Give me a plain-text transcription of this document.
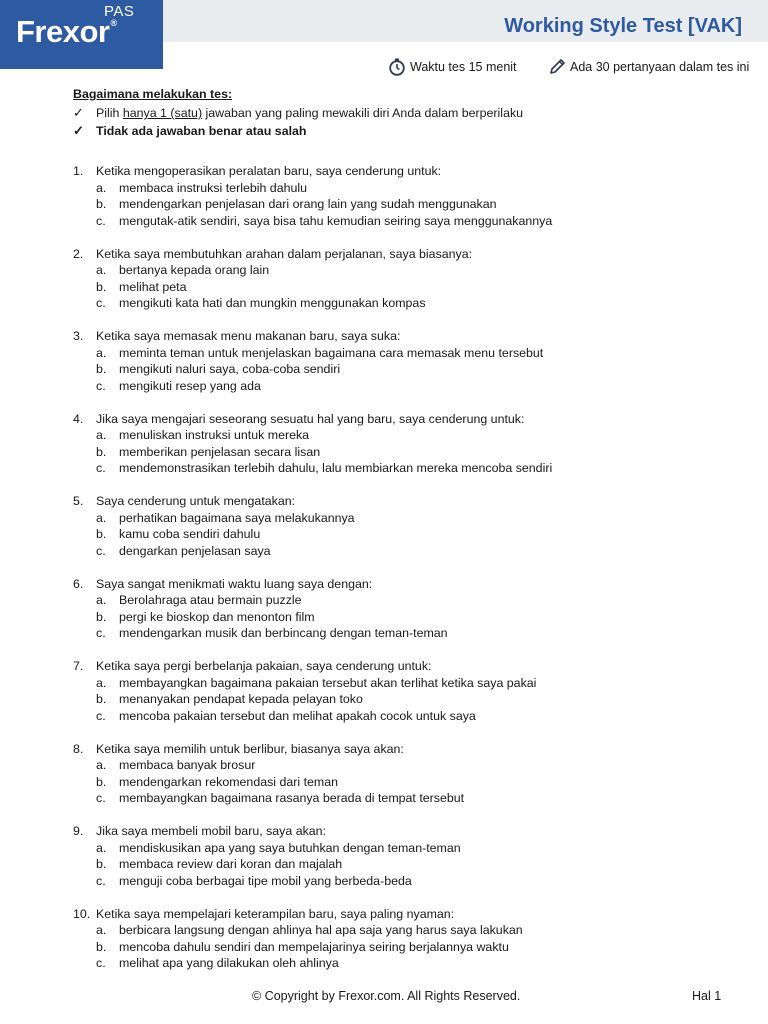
PAS
Frexor®	Working Style Test [VAK]
Waktu tes 15 menit	Ada 30 pertanyaan dalam tes ini
Bagaimana melakukan tes:
✓ Pilih hanya 1 (satu) jawaban yang paling mewakili diri Anda dalam berperilaku
✓ Tidak ada jawaban benar atau salah
1.	Ketika mengoperasikan peralatan baru, saya cenderung untuk:
a.	membaca instruksi terlebih dahulu
b.	mendengarkan penjelasan dari orang lain yang sudah menggunakan
c.	mengutak-atik sendiri, saya bisa tahu kemudian seiring saya menggunakannya
2.	Ketika saya membutuhkan arahan dalam perjalanan, saya biasanya:
a.	bertanya kepada orang lain
b.	melihat peta
c.	mengikuti kata hati dan mungkin menggunakan kompas
3.	Ketika saya memasak menu makanan baru, saya suka:
a.	meminta teman untuk menjelaskan bagaimana cara memasak menu tersebut
b.	mengikuti naluri saya, coba-coba sendiri
c.	mengikuti resep yang ada
4.	Jika saya mengajari seseorang sesuatu hal yang baru, saya cenderung untuk:
a.	menuliskan instruksi untuk mereka
b.	memberikan penjelasan secara lisan
c.	mendemonstrasikan terlebih dahulu, lalu membiarkan mereka mencoba sendiri
5.	Saya cenderung untuk mengatakan:
a.	perhatikan bagaimana saya melakukannya
b.	kamu coba sendiri dahulu
c.	dengarkan penjelasan saya
6.	Saya sangat menikmati waktu luang saya dengan:
a.	Berolahraga atau bermain puzzle
b.	pergi ke bioskop dan menonton film
c.	mendengarkan musik dan berbincang dengan teman-teman
7.	Ketika saya pergi berbelanja pakaian, saya cenderung untuk:
a.	membayangkan bagaimana pakaian tersebut akan terlihat ketika saya pakai
b.	menanyakan pendapat kepada pelayan toko
c.	mencoba pakaian tersebut dan melihat apakah cocok untuk saya
8.	Ketika saya memilih untuk berlibur, biasanya saya akan:
a.	membaca banyak brosur
b.	mendengarkan rekomendasi dari teman
c.	membayangkan bagaimana rasanya berada di tempat tersebut
9.	Jika saya membeli mobil baru, saya akan:
a.	mendiskusikan apa yang saya butuhkan dengan teman-teman
b.	membaca review dari koran dan majalah
c.	menguji coba berbagai tipe mobil yang berbeda-beda
10. Ketika saya mempelajari keterampilan baru, saya paling nyaman:
a.	berbicara langsung dengan ahlinya hal apa saja yang harus saya lakukan
b.	mencoba dahulu sendiri dan mempelajarinya seiring berjalannya waktu
c.	melihat apa yang dilakukan oleh ahlinya
© Copyright by Frexor.com. All Rights Reserved.	Hal 1
